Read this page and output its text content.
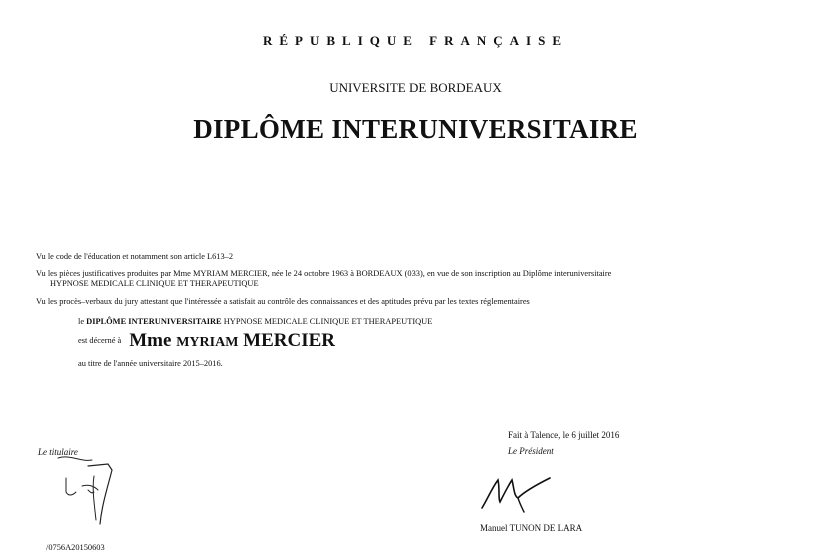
RÉPUBLIQUE FRANÇAISE
UNIVERSITE DE BORDEAUX
DIPLÔME INTERUNIVERSITAIRE
Vu le code de l'éducation et notamment son article L613–2
Vu les pièces justificatives produites par Mme MYRIAM MERCIER, née le 24 octobre 1963 à BORDEAUX (033), en vue de son inscription au Diplôme interuniversitaire
HYPNOSE MEDICALE CLINIQUE ET THERAPEUTIQUE
Vu les procès–verbaux du jury attestant que l'intéressée a satisfait au contrôle des connaissances et des aptitudes prévu par les textes réglementaires
le DIPLÔME INTERUNIVERSITAIRE HYPNOSE MEDICALE CLINIQUE ET THERAPEUTIQUE
est décerné à Mme MYRIAM MERCIER
au titre de l'année universitaire 2015–2016.
Fait à Talence, le 6 juillet 2016
Le Président
Manuel TUNON DE LARA
Le titulaire
/0756A20150603
